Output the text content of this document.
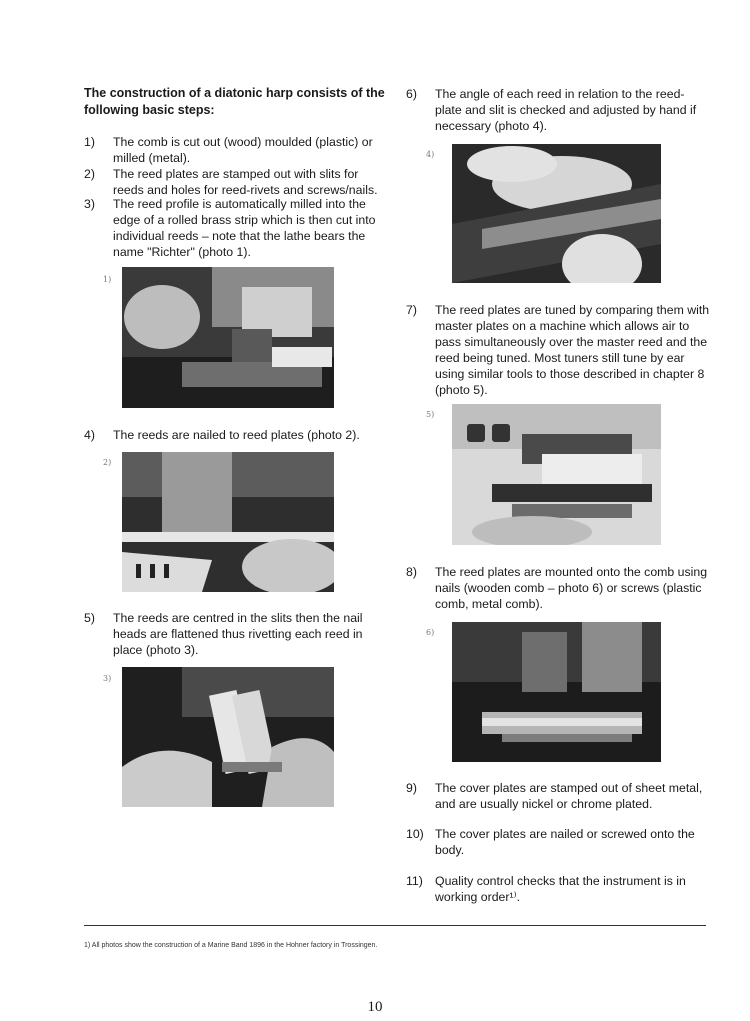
The construction of a diatonic harp consists of the following basic steps:
1)	The comb is cut out (wood) moulded (plastic) or milled (metal).
2)	The reed plates are stamped out with slits for reeds and holes for reed-rivets and screws/nails.
3)	The reed profile is automatically milled into the edge of a rolled brass strip which is then cut into individual reeds – note that the lathe bears the name "Richter" (photo 1).
1)
4)	The reeds are nailed to reed plates (photo 2).
2)
5)	The reeds are centred in the slits then the nail heads are flattened thus rivetting each reed in place (photo 3).
3)
6)	The angle of each reed in relation to the reed-plate and slit is checked and adjusted by hand if necessary (photo 4).
4)
7)	The reed plates are tuned by comparing them with master plates on a machine which allows air to pass simultaneously over the master reed and the reed being tuned. Most tuners still tune by ear using similar tools to those described in chapter 8 (photo 5).
5)
8)	The reed plates are mounted onto the comb using nails (wooden comb – photo 6) or screws (plastic comb, metal comb).
6)
9)	The cover plates are stamped out of sheet metal, and are usually nickel or chrome plated.
10) The cover plates are nailed or screwed onto the body.
11) Quality control checks that the instrument is in working order¹⁾.
1) All photos show the construction of a Marine Band 1896 in the Hohner factory in Trossingen.
10
